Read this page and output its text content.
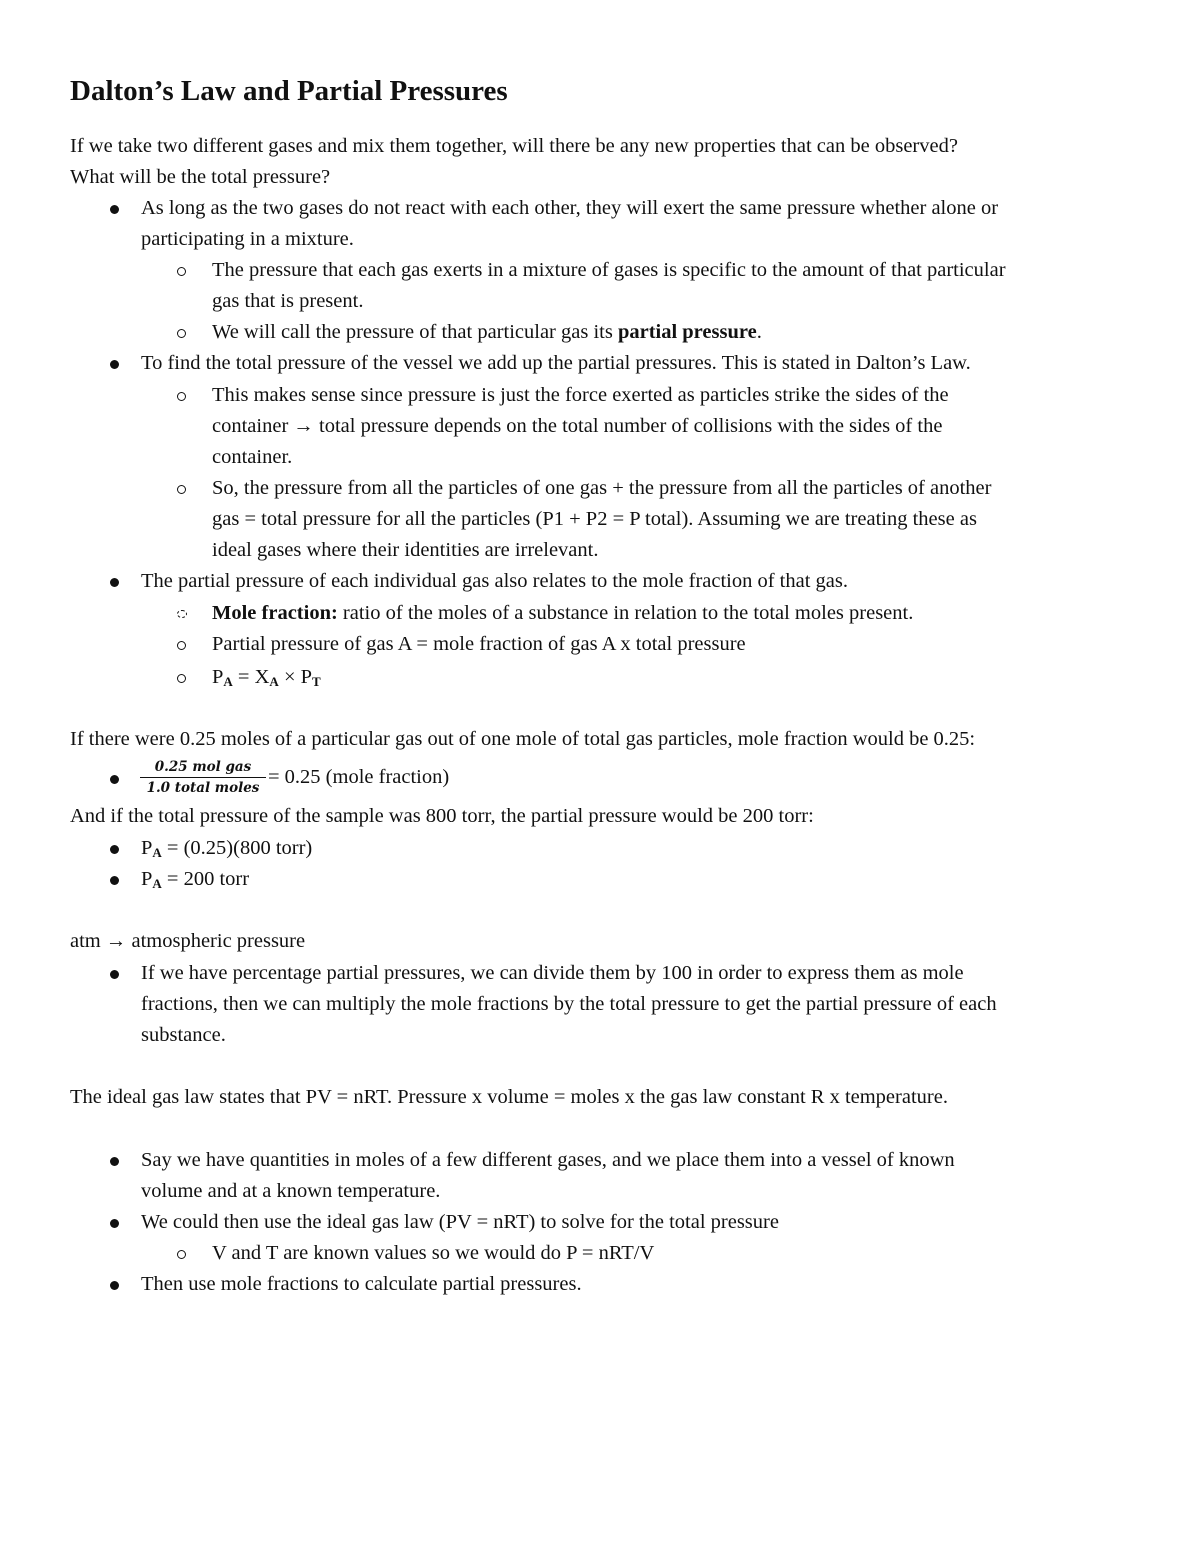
Dalton’s Law and Partial Pressures
If we take two different gases and mix them together, will there be any new properties that can be observed?
What will be the total pressure?
As long as the two gases do not react with each other, they will exert the same pressure whether alone or
participating in a mixture.
The pressure that each gas exerts in a mixture of gases is specific to the amount of that particular
gas that is present.
We will call the pressure of that particular gas its partial pressure.
To find the total pressure of the vessel we add up the partial pressures. This is stated in Dalton’s Law.
This makes sense since pressure is just the force exerted as particles strike the sides of the
container → total pressure depends on the total number of collisions with the sides of the
container.
So, the pressure from all the particles of one gas + the pressure from all the particles of another
gas = total pressure for all the particles (P1 + P2 = P total). Assuming we are treating these as
ideal gases where their identities are irrelevant.
The partial pressure of each individual gas also relates to the mole fraction of that gas.
Mole fraction: ratio of the moles of a substance in relation to the total moles present.
Partial pressure of gas A = mole fraction of gas A x total pressure
$P_A = X_A \times P_T$
If there were 0.25 moles of a particular gas out of one mole of total gas particles, mole fraction would be 0.25:
0.25 mol gas
1.0 total moles = 0.25 (mole fraction)
And if the total pressure of the sample was 800 torr, the partial pressure would be 200 torr:
$P_A = (0.25)(800$ torr)
$P_A = 200$ torr
atm → atmospheric pressure
If we have percentage partial pressures, we can divide them by 100 in order to express them as mole
fractions, then we can multiply the mole fractions by the total pressure to get the partial pressure of each
substance.
The ideal gas law states that PV = nRT. Pressure x volume = moles x the gas law constant R x temperature.
Say we have quantities in moles of a few different gases, and we place them into a vessel of known
volume and at a known temperature.
We could then use the ideal gas law (PV = nRT) to solve for the total pressure
V and T are known values so we would do P = nRT/V
Then use mole fractions to calculate partial pressures.
